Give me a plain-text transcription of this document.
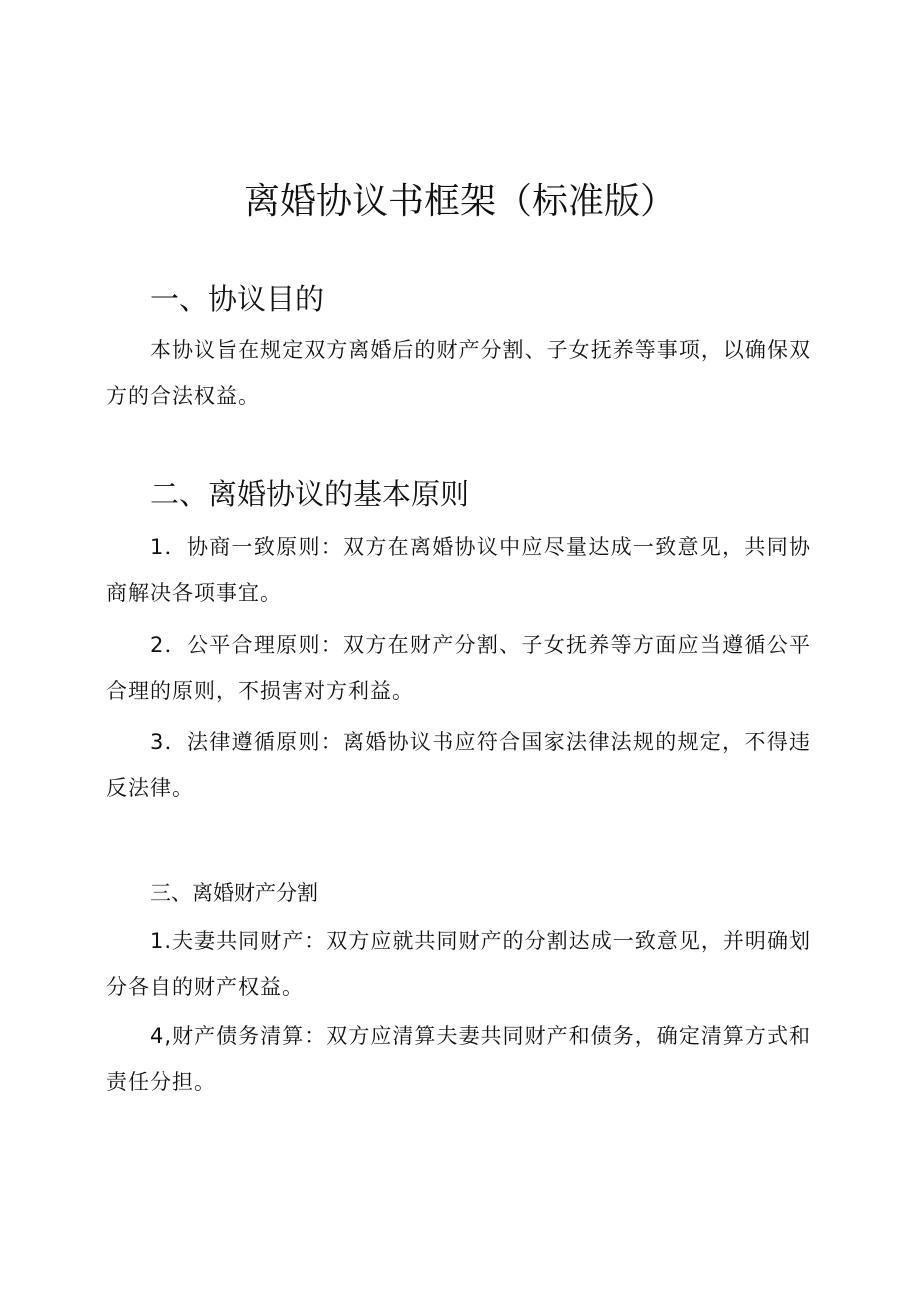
离婚协议书框架（标准版）
一、协议目的
本协议旨在规定双方离婚后的财产分割、子女抚养等事项，以确保双方的合法权益。
二、离婚协议的基本原则
1．协商一致原则：双方在离婚协议中应尽量达成一致意见，共同协商解决各项事宜。
2．公平合理原则：双方在财产分割、子女抚养等方面应当遵循公平合理的原则，不损害对方利益。
3．法律遵循原则：离婚协议书应符合国家法律法规的规定，不得违反法律。
三、离婚财产分割
1.夫妻共同财产：双方应就共同财产的分割达成一致意见，并明确划分各自的财产权益。
4,财产债务清算：双方应清算夫妻共同财产和债务，确定清算方式和责任分担。
